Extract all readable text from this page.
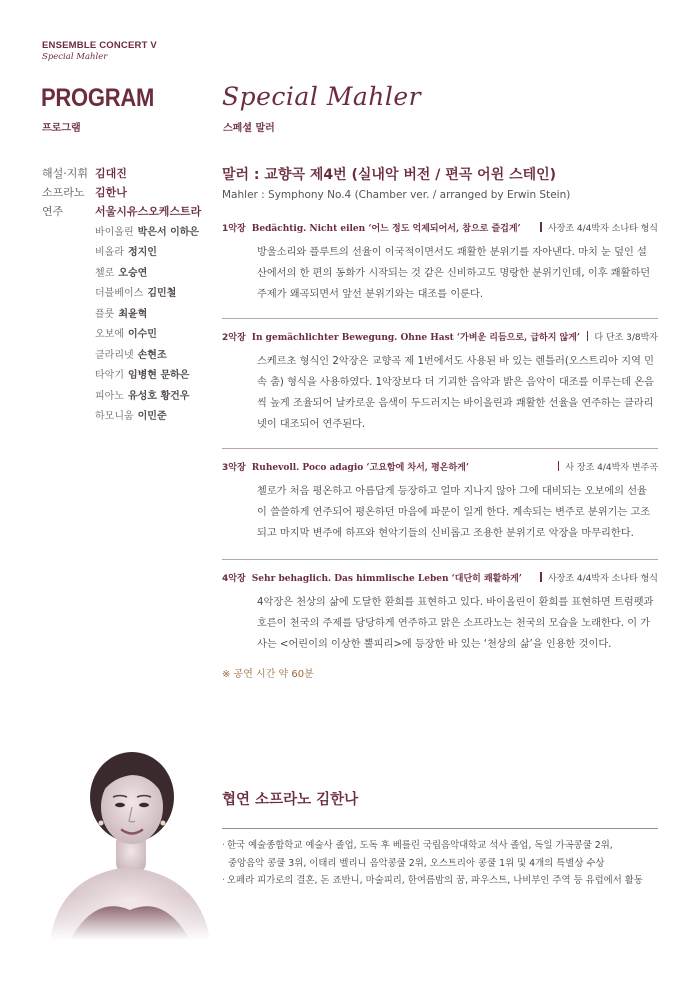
ENSEMBLE CONCERT V
Special Mahler
PROGRAM
프로그램
Special Mahler
스페셜 말러
해설·지휘 김대진
소프라노 김한나
연주	서울시유스오케스트라
바이올린 박은서 이하은
비올라 정지인
첼로 오승연
더블베이스 김민철
플룻 최윤혁
오보에 이수민
클라리넷 손현조
타악기 임병현 문하은
피아노 유성호 황건우
하모니움 이민준
말러 : 교향곡 제4번 (실내악 버전 / 편곡 어윈 스테인)
Mahler : Symphony No.4 (Chamber ver. / arranged by Erwin Stein)
1악장 Bedächtig. Nicht eilen ‘어느 정도 억제되어서, 참으로 즐겁게’	사장조 4/4박자 소나타 형식
방울소리와 플루트의 선율이 이국적이면서도 쾌활한 분위기를 자아낸다. 마치 눈 덮인 설
산에서의 한 편의 동화가 시작되는 것 같은 신비하고도 명랑한 분위기인데, 이후 쾌활하던
주제가 왜곡되면서 앞선 분위기와는 대조를 이룬다.
2악장 In gemächlichter Bewegung. Ohne Hast ‘가벼운 리듬으로, 급하지 않게’	다 단조 3/8박자
스케르초 형식인 2악장은 교향곡 제 1번에서도 사용된 바 있는 렌틀러(오스트리아 지역 민
속 춤) 형식을 사용하였다. 1악장보다 더 기괴한 음악과 밝은 음악이 대조를 이루는데 온음
씩 높게 조율되어 날카로운 음색이 두드러지는 바이올린과 쾌활한 선율을 연주하는 클라리
넷이 대조되어 연주된다.
3악장 Ruhevoll. Poco adagio ‘고요함에 차서, 평온하게’	사 장조 4/4박자 변주곡
첼로가 처음 평온하고 아름답게 등장하고 얼마 지나지 않아 그에 대비되는 오보에의 선율
이 쓸쓸하게 연주되어 평온하던 마음에 파문이 일게 한다. 계속되는 변주로 분위기는 고조
되고 마지막 변주에 하프와 현악기들의 신비롭고 조용한 분위기로 악장을 마무리한다.
4악장 Sehr behaglich. Das himmlische Leben ‘대단히 쾌활하게’	사장조 4/4박자 소나타 형식
4악장은 천상의 삶에 도달한 환희를 표현하고 있다. 바이올린이 환희를 표현하면 트럼펫과
호른이 천국의 주제를 당당하게 연주하고 맑은 소프라노는 천국의 모습을 노래한다. 이 가
사는 <어린이의 이상한 뿔피리>에 등장한 바 있는 ‘천상의 삶’을 인용한 것이다.
※ 공연 시간 약 60분
협연 소프라노 김한나
· 한국 예술종합학교 예술사 졸업, 도독 후 베를린 국립음악대학교 석사 졸업, 독일 가곡콩쿨 2위,
중앙음악 콩쿨 3위, 이태리 벨리니 음악콩쿨 2위, 오스트리아 콩쿨 1위 및 4개의 특별상 수상
· 오페라 피가로의 결혼, 돈 죠반니, 마술피리, 한여름밤의 꿈, 파우스트, 나비부인 주역 등 유럽에서 활동
